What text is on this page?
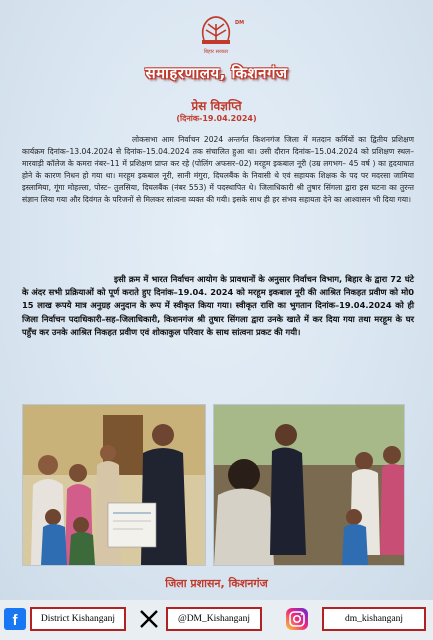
बिहार सरकार
DM
समाहरणालय, किशनगंज
प्रेस विज्ञप्ति
(दिनांक-19.04.2024)
लोकसभा आम निर्वाचन 2024 अन्तर्गत किशनगंज जिला में मतदान कर्मियों का द्वितीय प्रशिक्षण कार्यक्रम दिनांक–13.04.2024 से दिनांक–15.04.2024 तक संचालित हुआ था। उसी दौरान दिनांक–15.04.2024 को प्रशिक्षण स्थल–मारवाड़ी कॉलेज के कमरा नंबर–11 में प्रशिक्षण प्राप्त कर रहे (पोलिंग अफसर–02) मरहूम इकबाल नूरी (उम्र लगभग– 45 वर्ष ) का हृदयाघात होने के कारण निधन हो गया था। मरहूम इकबाल नूरी, सानी मंगुरा, दिघलबैंक के निवासी थे एवं सहायक शिक्षक के पद पर मदरसा जामिया इस्लामिया, गूंगा मोहल्ला, पोस्ट– तुलसिया, दिघलबैंक (नंबर 553) में पदस्थापित थे। जिलाधिकारी श्री तुषार सिंगला द्वारा इस घटना का तुरन्त संज्ञान लिया गया और दिवंगत के परिजनों से मिलकर सांत्वना व्यक्त की गयी। इसके साथ ही हर संभव सहायता देने का आश्वासन भी दिया गया।
इसी क्रम में भारत निर्वाचन आयोग के प्रावधानों के अनुसार निर्वाचन विभाग, बिहार के द्वारा 72 घंटे के अंदर सभी प्रक्रियाओं को पूर्ण कराते हुए दिनांक–19.04. 2024 को मरहूम इकबाल नूरी की आश्रित निकहत प्रवीण को मो0 15 लाख रूपये मात्र अनुग्रह अनुदान के रूप में स्वीकृत किया गया। स्वीकृत राशि का भुगतान दिनांक–19.04.2024 को ही जिला निर्वाचन पदाधिकारी–सह–जिलाधिकारी, किशनगंज श्री तुषार सिंगला द्वारा उनके खाते में कर दिया गया तथा मरहूम के घर पहुँच कर उनके आश्रित निकहत प्रवीण एवं शोकाकुल परिवार के साथ सांत्वना प्रकट की गयी।
जिला प्रशासन, किशनगंज
f	District Kishanganj	@DM_Kishanganj	dm_kishanganj
